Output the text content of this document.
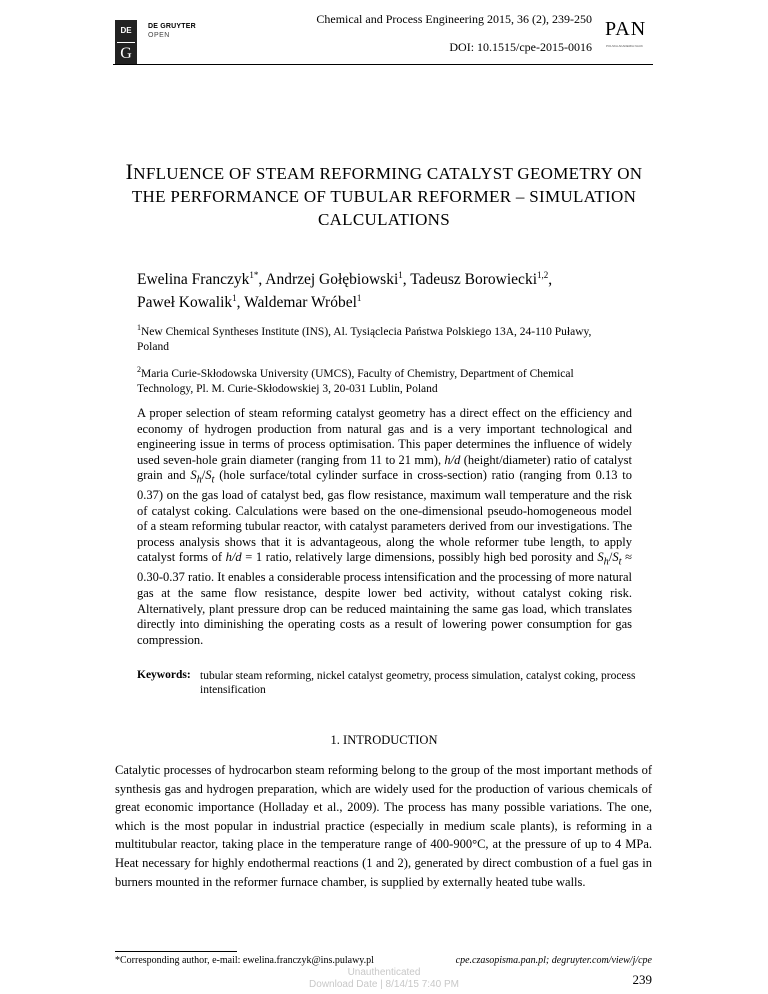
DE
G
DE GRUYTER
OPEN
Chemical and Process Engineering 2015, 36 (2), 239-250
DOI: 10.1515/cpe-2015-0016
PAN
POLSKA AKADEMIA NAUK
INFLUENCE OF STEAM REFORMING CATALYST GEOMETRY ON
THE PERFORMANCE OF TUBULAR REFORMER – SIMULATION
CALCULATIONS
Ewelina Franczyk$^{1*}$, Andrzej Gołębiowski$^1$, Tadeusz Borowiecki$^{1,2}$,
Paweł Kowalik$^1$, Waldemar Wróbel$^1$
$^1$New Chemical Syntheses Institute (INS), Al. Tysiąclecia Państwa Polskiego 13A, 24-110 Puławy,
Poland
$^2$Maria Curie-Skłodowska University (UMCS), Faculty of Chemistry, Department of Chemical
Technology, Pl. M. Curie-Skłodowskiej 3, 20-031 Lublin, Poland
A proper selection of steam reforming catalyst geometry has a direct effect on the efficiency and economy of hydrogen production from natural gas and is a very important technological and engineering issue in terms of process optimisation. This paper determines the influence of widely used seven-hole grain diameter (ranging from 11 to 21 mm), h/d (height/diameter) ratio of catalyst grain and $S_h/S_t$ (hole surface/total cylinder surface in cross-section) ratio (ranging from 0.13 to 0.37) on the gas load of catalyst bed, gas flow resistance, maximum wall temperature and the risk of catalyst coking. Calculations were based on the one-dimensional pseudo-homogeneous model of a steam reforming tubular reactor, with catalyst parameters derived from our investigations. The process analysis shows that it is advantageous, along the whole reformer tube length, to apply catalyst forms of h/d = 1 ratio, relatively large dimensions, possibly high bed porosity and $S_h/S_t \approx 0.30-0.37$ ratio. It enables a considerable process intensification and the processing of more natural gas at the same flow resistance, despite lower bed activity, without catalyst coking risk. Alternatively, plant pressure drop can be reduced maintaining the same gas load, which translates directly into diminishing the operating costs as a result of lowering power consumption for gas compression.
Keywords: tubular steam reforming, nickel catalyst geometry, process simulation, catalyst coking, process intensification
1. INTRODUCTION
Catalytic processes of hydrocarbon steam reforming belong to the group of the most important methods of synthesis gas and hydrogen preparation, which are widely used for the production of various chemicals of great economic importance (Holladay et al., 2009). The process has many possible variations. The one, which is the most popular in industrial practice (especially in medium scale plants), is reforming in a multitubular reactor, taking place in the temperature range of 400-900°C, at the pressure of up to 4 MPa. Heat necessary for highly endothermal reactions (1 and 2), generated by direct combustion of a fuel gas in burners mounted in the reformer furnace chamber, is supplied by externally heated tube walls.
*Corresponding author, e-mail: ewelina.franczyk@ins.pulawy.pl	cpe.czasopisma.pan.pl; degruyter.com/view/j/cpe
239
Unauthenticated
Download Date | 8/14/15 7:40 PM
